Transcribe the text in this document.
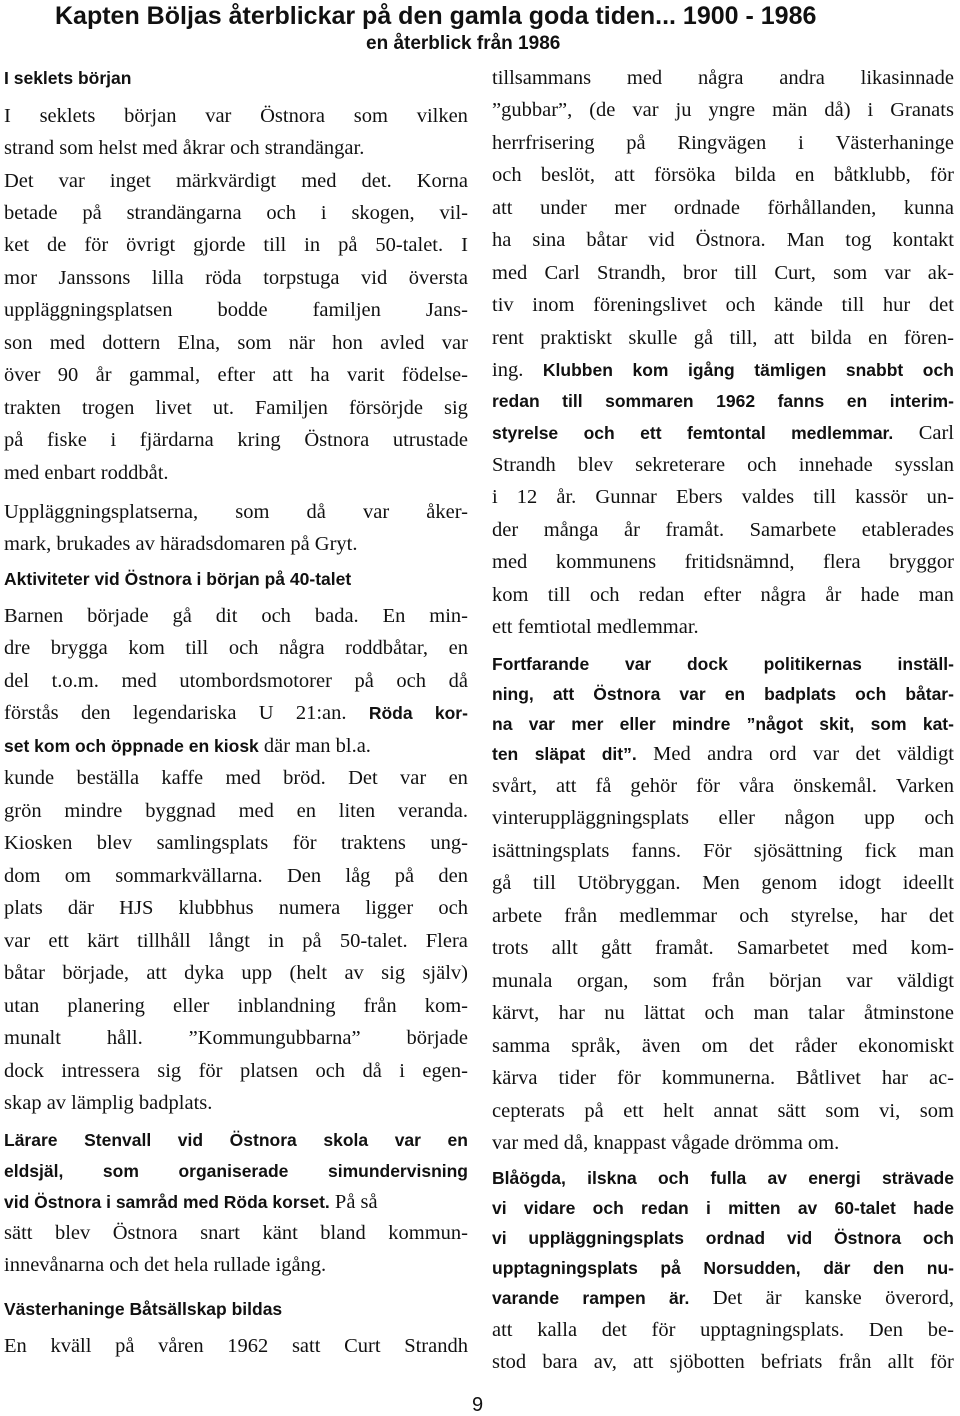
Kapten Böljas återblickar på den gamla goda tiden... 1900 - 1986
en återblick från 1986
I seklets början
I seklets början var Östnora som vilken
strand som helst med åkrar och strandängar.
Det var inget märkvärdigt med det. Korna
betade på strandängarna och i skogen, vil-
ket de för övrigt gjorde till in på 50-talet. I
mor Janssons lilla röda torpstuga vid översta
uppläggningsplatsen bodde familjen Jans-
son med dottern Elna, som när hon avled var
över 90 år gammal, efter att ha varit födelse-
trakten trogen livet ut. Familjen försörjde sig
på fiske i fjärdarna kring Östnora utrustade
med enbart roddbåt.
Uppläggningsplatserna, som då var åker-
mark, brukades av häradsdomaren på Gryt.
Aktiviteter vid Östnora i början på 40-talet
Barnen började gå dit och bada. En min-
dre brygga kom till och några roddbåtar, en
del t.o.m. med utombordsmotorer på och då
förstås den legendariska U 21:an. Röda kor-
set kom och öppnade en kiosk där man bl.a.
kunde beställa kaffe med bröd. Det var en
grön mindre byggnad med en liten veranda.
Kiosken blev samlingsplats för traktens ung-
dom om sommarkvällarna. Den låg på den
plats där HJS klubbhus numera ligger och
var ett kärt tillhåll långt in på 50-talet. Flera
båtar började, att dyka upp (helt av sig själv)
utan planering eller inblandning från kom-
munalt håll. ”Kommungubbarna” började
dock intressera sig för platsen och då i egen-
skap av lämplig badplats.
Lärare Stenvall vid Östnora skola var en
eldsjäl, som organiserade simundervisning
vid Östnora i samråd med Röda korset. På så
sätt blev Östnora snart känt bland kommun-
innevånarna och det hela rullade igång.
Västerhaninge Båtsällskap bildas
En kväll på våren 1962 satt Curt Strandh
tillsammans med några andra likasinnade
”gubbar”, (de var ju yngre män då) i Granats
herrfrisering på Ringvägen i Västerhaninge
och beslöt, att försöka bilda en båtklubb, för
att under mer ordnade förhållanden, kunna
ha sina båtar vid Östnora. Man tog kontakt
med Carl Strandh, bror till Curt, som var ak-
tiv inom föreningslivet och kände till hur det
rent praktiskt skulle gå till, att bilda en fören-
ing. Klubben kom igång tämligen snabbt och
redan till sommaren 1962 fanns en interim-
styrelse och ett femtontal medlemmar. Carl
Strandh blev sekreterare och innehade sysslan
i 12 år. Gunnar Ebers valdes till kassör un-
der många år framåt. Samarbete etablerades
med kommunens fritidsnämnd, flera bryggor
kom till och redan efter några år hade man
ett femtiotal medlemmar.
Fortfarande var dock politikernas inställ-
ning, att Östnora var en badplats och båtar-
na var mer eller mindre ”något skit, som kat-
ten släpat dit”. Med andra ord var det väldigt
svårt, att få gehör för våra önskemål. Varken
vinteruppläggningsplats eller någon upp och
isättningsplats fanns. För sjösättning fick man
gå till Utöbryggan. Men genom idogt ideellt
arbete från medlemmar och styrelse, har det
trots allt gått framåt. Samarbetet med kom-
munala organ, som från början var väldigt
kärvt, har nu lättat och man talar åtminstone
samma språk, även om det råder ekonomiskt
kärva tider för kommunerna. Båtlivet har ac-
cepterats på ett helt annat sätt som vi, som
var med då, knappast vågade drömma om.
Blåögda, ilskna och fulla av energi strävade
vi vidare och redan i mitten av 60-talet hade
vi uppläggningsplats ordnad vid Östnora och
upptagningsplats på Norsudden, där den nu-
varande rampen är. Det är kanske överord,
att kalla det för upptagningsplats. Den be-
stod bara av, att sjöbotten befriats från allt för
9
